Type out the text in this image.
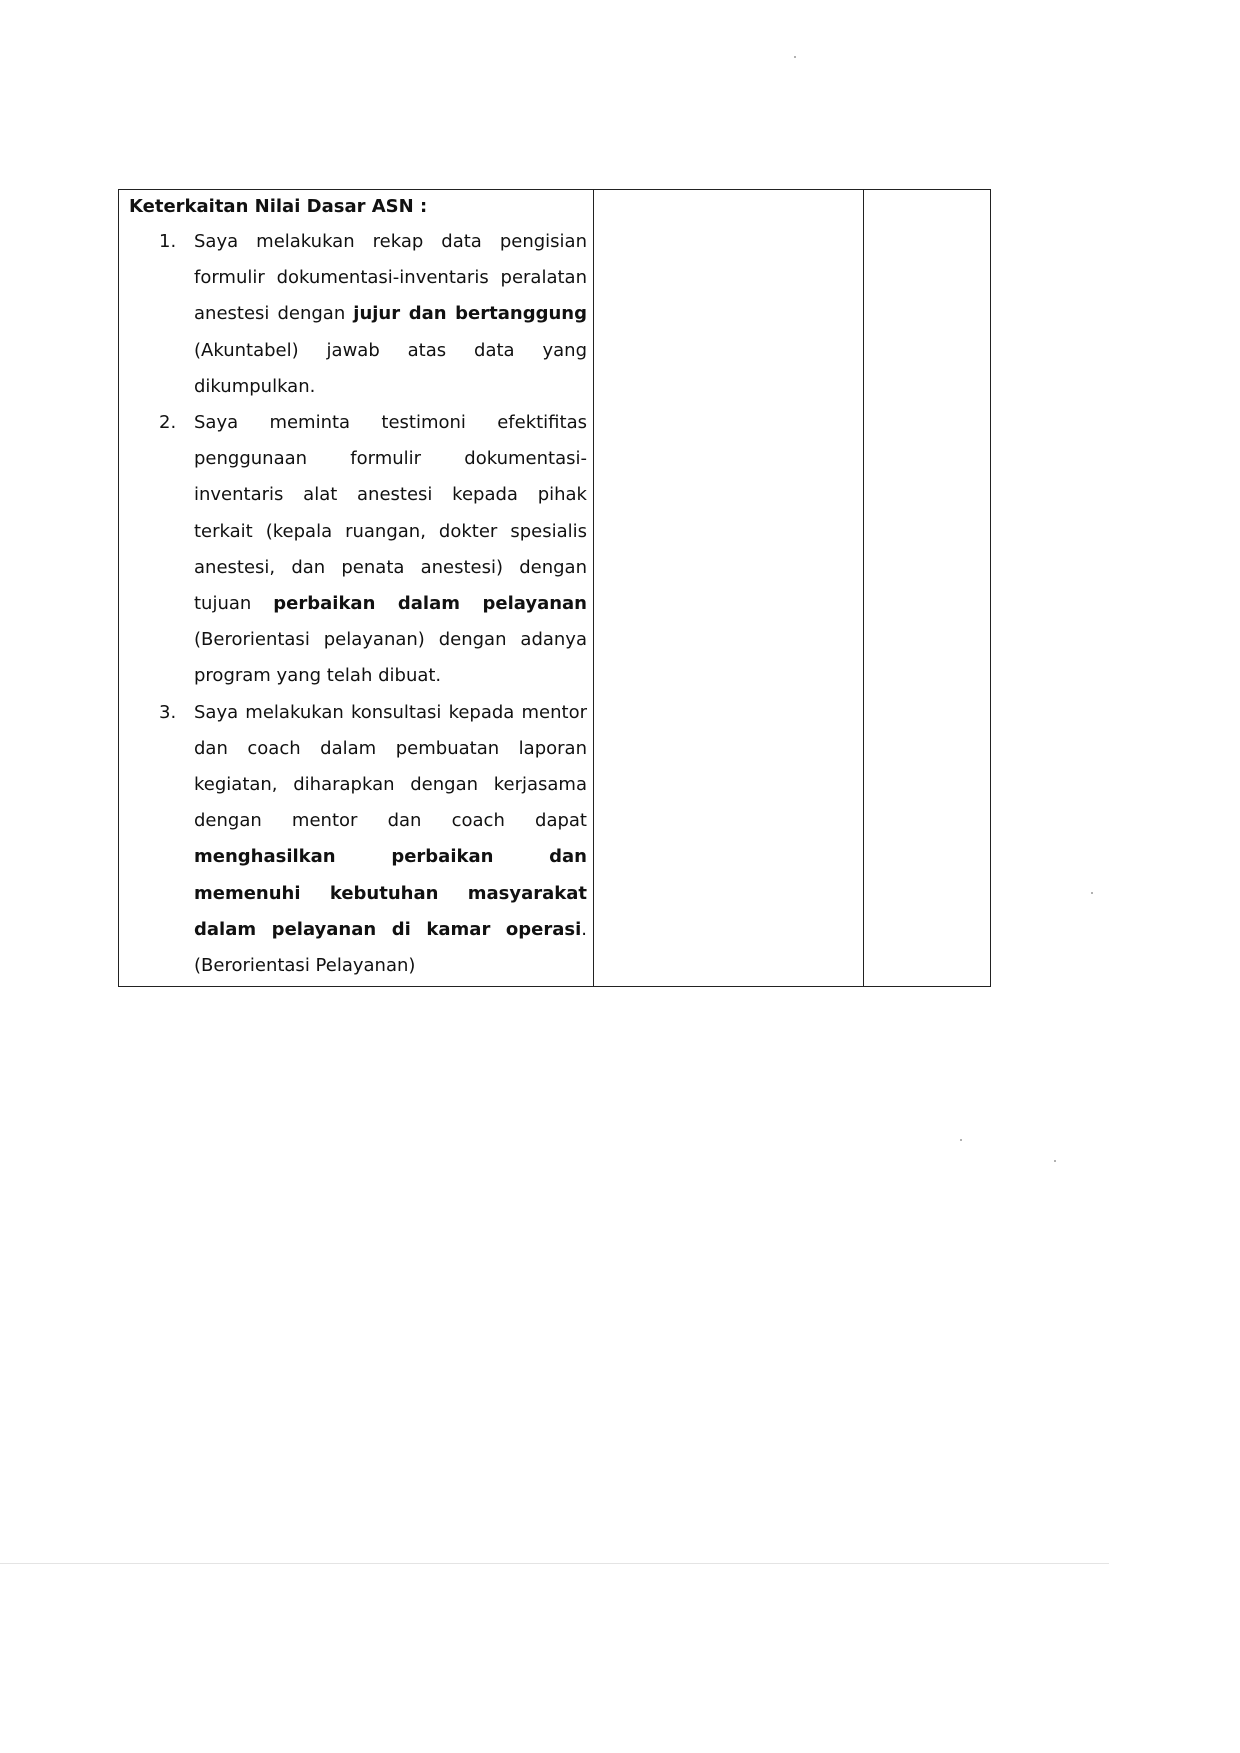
Keterkaitan Nilai Dasar ASN :
1. Saya melakukan rekap data pengisian formulir dokumentasi-inventaris peralatan anestesi dengan jujur dan bertanggung (Akuntabel) jawab atas data yang dikumpulkan.
2. Saya meminta testimoni efektifitas penggunaan formulir dokumentasi-inventaris alat anestesi kepada pihak terkait (kepala ruangan, dokter spesialis anestesi, dan penata anestesi) dengan tujuan perbaikan dalam pelayanan (Berorientasi pelayanan) dengan adanya program yang telah dibuat.
3. Saya melakukan konsultasi kepada mentor dan coach dalam pembuatan laporan kegiatan, diharapkan dengan kerjasama dengan mentor dan coach dapat menghasilkan perbaikan dan memenuhi kebutuhan masyarakat dalam pelayanan di kamar operasi. (Berorientasi Pelayanan)
